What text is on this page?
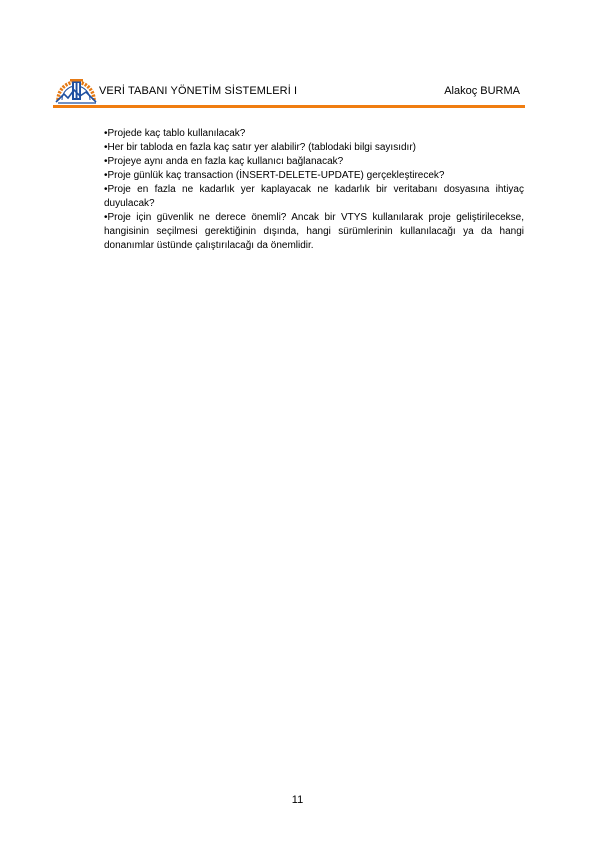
VERİ TABANI YÖNETİM SİSTEMLERİ I	Alakoç BURMA
•Projede kaç tablo kullanılacak?
•Her bir tabloda en fazla kaç satır yer alabilir? (tablodaki bilgi sayısıdır)
•Projeye aynı anda en fazla kaç kullanıcı bağlanacak?
•Proje günlük kaç transaction (İNSERT-DELETE-UPDATE) gerçekleştirecek?
•Proje en fazla ne kadarlık yer kaplayacak ne kadarlık bir veritabanı dosyasına ihtiyaç duyulacak?
•Proje için güvenlik ne derece önemli? Ancak bir VTYS kullanılarak proje geliştirilecekse, hangisinin seçilmesi gerektiğinin dışında, hangi sürümlerinin kullanılacağı ya da hangi donanımlar üstünde çalıştırılacağı da önemlidir.
11
